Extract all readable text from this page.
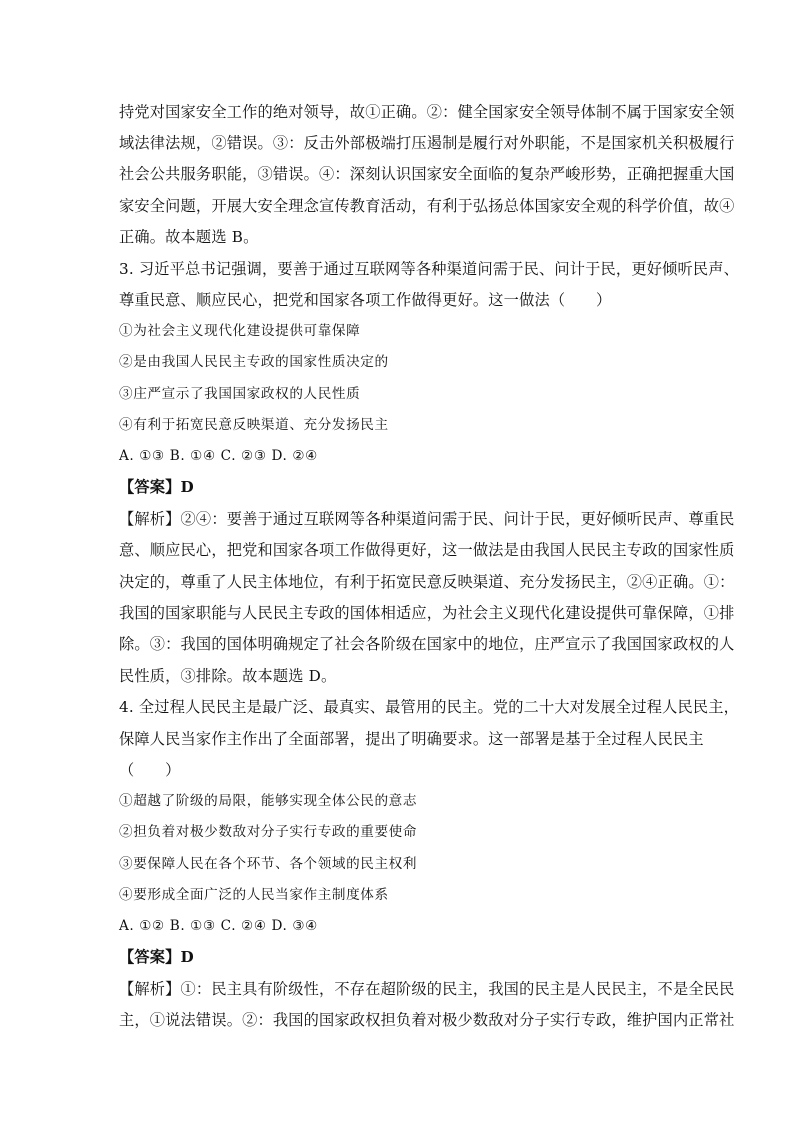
持党对国家安全工作的绝对领导，故①正确。②：健全国家安全领导体制不属于国家安全领
域法律法规，②错误。③：反击外部极端打压遏制是履行对外职能，不是国家机关积极履行
社会公共服务职能，③错误。④：深刻认识国家安全面临的复杂严峻形势，正确把握重大国
家安全问题，开展大安全理念宣传教育活动，有利于弘扬总体国家安全观的科学价值，故④
正确。故本题选 B。
3. 习近平总书记强调，要善于通过互联网等各种渠道问需于民、问计于民，更好倾听民声、
尊重民意、顺应民心，把党和国家各项工作做得更好。这一做法（　　）
①为社会主义现代化建设提供可靠保障
②是由我国人民民主专政的国家性质决定的
③庄严宣示了我国国家政权的人民性质
④有利于拓宽民意反映渠道、充分发扬民主
A. ①③ B. ①④ C. ②③ D. ②④
【答案】D
【解析】②④：要善于通过互联网等各种渠道问需于民、问计于民，更好倾听民声、尊重民
意、顺应民心，把党和国家各项工作做得更好，这一做法是由我国人民民主专政的国家性质
决定的，尊重了人民主体地位，有利于拓宽民意反映渠道、充分发扬民主，②④正确。①：
我国的国家职能与人民民主专政的国体相适应，为社会主义现代化建设提供可靠保障，①排
除。③：我国的国体明确规定了社会各阶级在国家中的地位，庄严宣示了我国国家政权的人
民性质，③排除。故本题选 D。
4. 全过程人民民主是最广泛、最真实、最管用的民主。党的二十大对发展全过程人民民主，
保障人民当家作主作出了全面部署，提出了明确要求。这一部署是基于全过程人民民主
（　　）
①超越了阶级的局限，能够实现全体公民的意志
②担负着对极少数敌对分子实行专政的重要使命
③要保障人民在各个环节、各个领域的民主权利
④要形成全面广泛的人民当家作主制度体系
A. ①② B. ①③ C. ②④ D. ③④
【答案】D
【解析】①：民主具有阶级性，不存在超阶级的民主，我国的民主是人民民主，不是全民民
主，①说法错误。②：我国的国家政权担负着对极少数敌对分子实行专政，维护国内正常社
